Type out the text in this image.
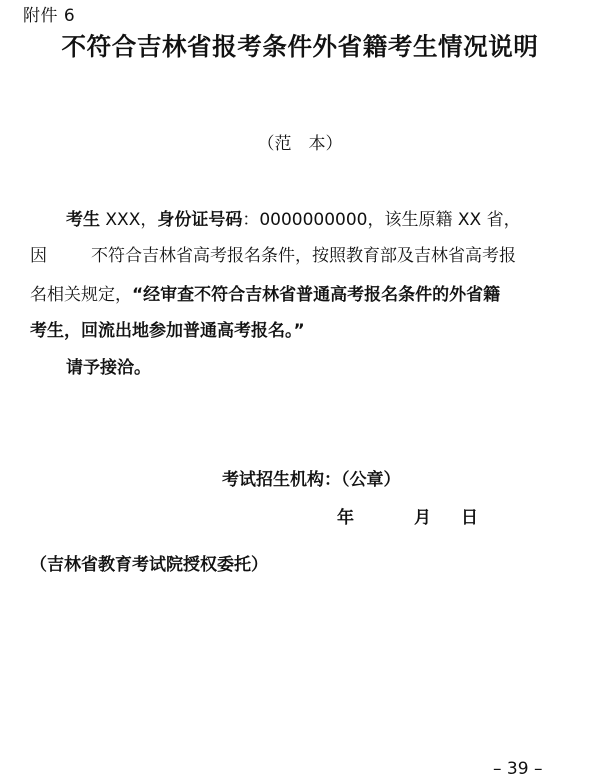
附件 6
不符合吉林省报考条件外省籍考生情况说明
（范　本）
考生 XXX，身份证号码：0000000000，该生原籍 XX 省，
因	不符合吉林省高考报名条件，按照教育部及吉林省高考报
名相关规定，“经审查不符合吉林省普通高考报名条件的外省籍
考生，回流出地参加普通高考报名。”
请予接洽。
考试招生机构：（公章）
年	月 日
（吉林省教育考试院授权委托）
– 39 –
